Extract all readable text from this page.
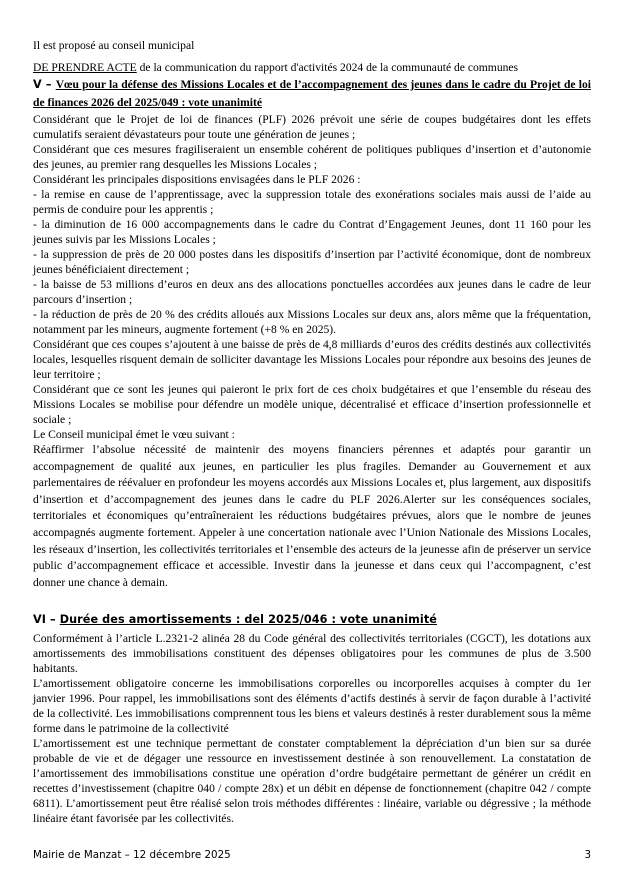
Il est proposé au conseil municipal

DE PRENDRE ACTE de la communication du rapport d'activités 2024 de la communauté de communes

V – Vœu pour la défense des Missions Locales et de l’accompagnement des jeunes dans le cadre du Projet de loi de finances 2026 del 2025/049 : vote unanimité

Considérant que le Projet de loi de finances (PLF) 2026 prévoit une série de coupes budgétaires dont les effets cumulatifs seraient dévastateurs pour toute une génération de jeunes ;

Considérant que ces mesures fragiliseraient un ensemble cohérent de politiques publiques d’insertion et d’autonomie des jeunes, au premier rang desquelles les Missions Locales ;

Considérant les principales dispositions envisagées dans le PLF 2026 :

- la remise en cause de l’apprentissage, avec la suppression totale des exonérations sociales mais aussi de l’aide au permis de conduire pour les apprentis ;

- la diminution de 16 000 accompagnements dans le cadre du Contrat d’Engagement Jeunes, dont 11 160 pour les jeunes suivis par les Missions Locales ;

- la suppression de près de 20 000 postes dans les dispositifs d’insertion par l’activité économique, dont de nombreux jeunes bénéficiaient directement ;

- la baisse de 53 millions d’euros en deux ans des allocations ponctuelles accordées aux jeunes dans le cadre de leur parcours d’insertion ;

- la réduction de près de 20 % des crédits alloués aux Missions Locales sur deux ans, alors même que la fréquentation, notamment par les mineurs, augmente fortement (+8 % en 2025).

Considérant que ces coupes s’ajoutent à une baisse de près de 4,8 milliards d’euros des crédits destinés aux collectivités locales, lesquelles risquent demain de solliciter davantage les Missions Locales pour répondre aux besoins des jeunes de leur territoire ;

Considérant que ce sont les jeunes qui paieront le prix fort de ces choix budgétaires et que l’ensemble du réseau des Missions Locales se mobilise pour défendre un modèle unique, décentralisé et efficace d’insertion professionnelle et sociale ;

Le Conseil municipal émet le vœu suivant :

Réaffirmer l’absolue nécessité de maintenir des moyens financiers pérennes et adaptés pour garantir un accompagnement de qualité aux jeunes, en particulier les plus fragiles. Demander au Gouvernement et aux parlementaires de réévaluer en profondeur les moyens accordés aux Missions Locales et, plus largement, aux dispositifs d’insertion et d’accompagnement des jeunes dans le cadre du PLF 2026.Alerter sur les conséquences sociales, territoriales et économiques qu’entraîneraient les réductions budgétaires prévues, alors que le nombre de jeunes accompagnés augmente fortement. Appeler à une concertation nationale avec l’Union Nationale des Missions Locales, les réseaux d’insertion, les collectivités territoriales et l’ensemble des acteurs de la jeunesse afin de préserver un service public d’accompagnement efficace et accessible. Investir dans la jeunesse et dans ceux qui l’accompagnent, c’est donner une chance à demain.

VI – Durée des amortissements : del 2025/046 : vote unanimité

Conformément à l’article L.2321-2 alinéa 28 du Code général des collectivités territoriales (CGCT), les dotations aux amortissements des immobilisations constituent des dépenses obligatoires pour les communes de plus de 3.500 habitants.

L’amortissement obligatoire concerne les immobilisations corporelles ou incorporelles acquises à compter du 1er janvier 1996. Pour rappel, les immobilisations sont des éléments d’actifs destinés à servir de façon durable à l’activité de la collectivité. Les immobilisations comprennent tous les biens et valeurs destinés à rester durablement sous la même forme dans le patrimoine de la collectivité

L’amortissement est une technique permettant de constater comptablement la dépréciation d’un bien sur sa durée probable de vie et de dégager une ressource en investissement destinée à son renouvellement. La constatation de l’amortissement des immobilisations constitue une opération d’ordre budgétaire permettant de générer un crédit en recettes d’investissement (chapitre 040 / compte 28x) et un débit en dépense de fonctionnement (chapitre 042 / compte 6811). L’amortissement peut être réalisé selon trois méthodes différentes : linéaire, variable ou dégressive ; la méthode linéaire étant favorisée par les collectivités.

Mairie de Manzat – 12 décembre 2025	3
